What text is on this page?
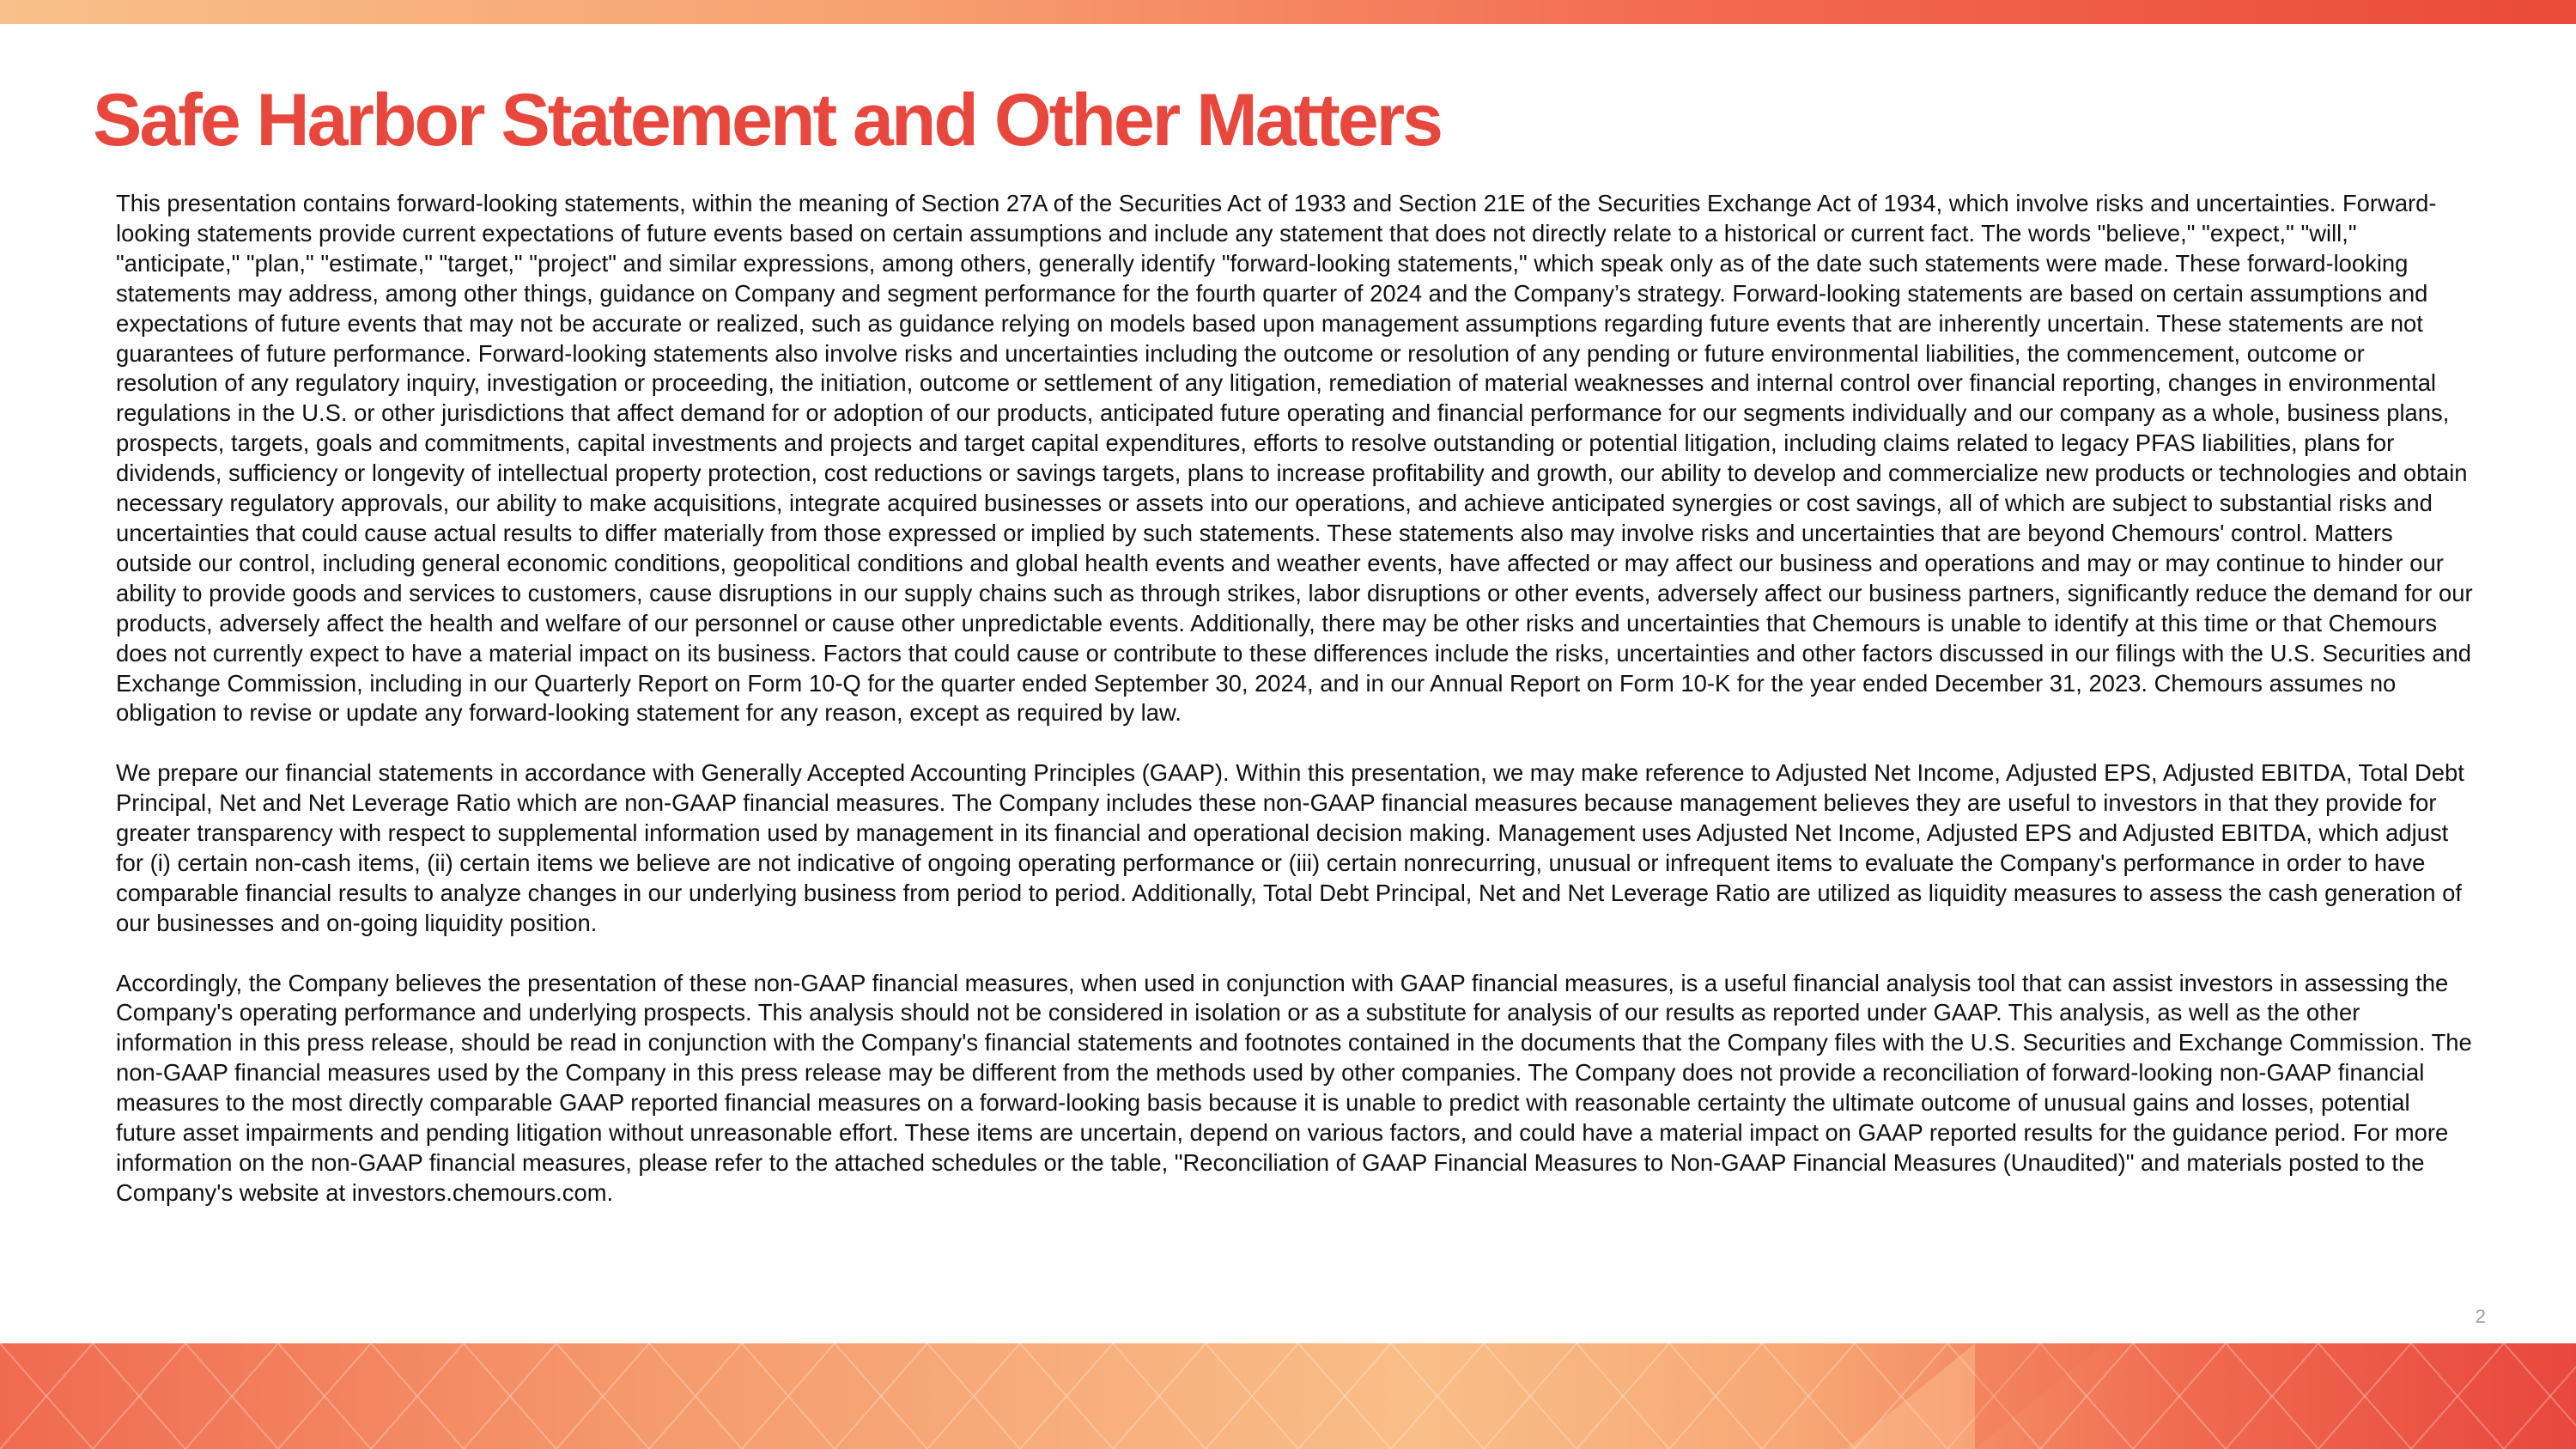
Safe Harbor Statement and Other Matters

This presentation contains forward-looking statements, within the meaning of Section 27A of the Securities Act of 1933 and Section 21E of the Securities Exchange Act of 1934, which involve risks and uncertainties. Forward-looking statements provide current expectations of future events based on certain assumptions and include any statement that does not directly relate to a historical or current fact. The words "believe," "expect," "will," "anticipate," "plan," "estimate," "target," "project" and similar expressions, among others, generally identify "forward-looking statements," which speak only as of the date such statements were made. These forward-looking statements may address, among other things, guidance on Company and segment performance for the fourth quarter of 2024 and the Company’s strategy. Forward-looking statements are based on certain assumptions and expectations of future events that may not be accurate or realized, such as guidance relying on models based upon management assumptions regarding future events that are inherently uncertain. These statements are not guarantees of future performance. Forward-looking statements also involve risks and uncertainties including the outcome or resolution of any pending or future environmental liabilities, the commencement, outcome or resolution of any regulatory inquiry, investigation or proceeding, the initiation, outcome or settlement of any litigation, remediation of material weaknesses and internal control over financial reporting, changes in environmental regulations in the U.S. or other jurisdictions that affect demand for or adoption of our products, anticipated future operating and financial performance for our segments individually and our company as a whole, business plans, prospects, targets, goals and commitments, capital investments and projects and target capital expenditures, efforts to resolve outstanding or potential litigation, including claims related to legacy PFAS liabilities, plans for dividends, sufficiency or longevity of intellectual property protection, cost reductions or savings targets, plans to increase profitability and growth, our ability to develop and commercialize new products or technologies and obtain necessary regulatory approvals, our ability to make acquisitions, integrate acquired businesses or assets into our operations, and achieve anticipated synergies or cost savings, all of which are subject to substantial risks and uncertainties that could cause actual results to differ materially from those expressed or implied by such statements. These statements also may involve risks and uncertainties that are beyond Chemours' control. Matters outside our control, including general economic conditions, geopolitical conditions and global health events and weather events, have affected or may affect our business and operations and may or may continue to hinder our ability to provide goods and services to customers, cause disruptions in our supply chains such as through strikes, labor disruptions or other events, adversely affect our business partners, significantly reduce the demand for our products, adversely affect the health and welfare of our personnel or cause other unpredictable events. Additionally, there may be other risks and uncertainties that Chemours is unable to identify at this time or that Chemours does not currently expect to have a material impact on its business. Factors that could cause or contribute to these differences include the risks, uncertainties and other factors discussed in our filings with the U.S. Securities and Exchange Commission, including in our Quarterly Report on Form 10-Q for the quarter ended September 30, 2024, and in our Annual Report on Form 10-K for the year ended December 31, 2023. Chemours assumes no obligation to revise or update any forward-looking statement for any reason, except as required by law.

We prepare our financial statements in accordance with Generally Accepted Accounting Principles (GAAP). Within this presentation, we may make reference to Adjusted Net Income, Adjusted EPS, Adjusted EBITDA, Total Debt Principal, Net and Net Leverage Ratio which are non-GAAP financial measures. The Company includes these non-GAAP financial measures because management believes they are useful to investors in that they provide for greater transparency with respect to supplemental information used by management in its financial and operational decision making. Management uses Adjusted Net Income, Adjusted EPS and Adjusted EBITDA, which adjust for (i) certain non-cash items, (ii) certain items we believe are not indicative of ongoing operating performance or (iii) certain nonrecurring, unusual or infrequent items to evaluate the Company's performance in order to have comparable financial results to analyze changes in our underlying business from period to period. Additionally, Total Debt Principal, Net and Net Leverage Ratio are utilized as liquidity measures to assess the cash generation of our businesses and on-going liquidity position.

Accordingly, the Company believes the presentation of these non-GAAP financial measures, when used in conjunction with GAAP financial measures, is a useful financial analysis tool that can assist investors in assessing the Company's operating performance and underlying prospects. This analysis should not be considered in isolation or as a substitute for analysis of our results as reported under GAAP. This analysis, as well as the other information in this press release, should be read in conjunction with the Company's financial statements and footnotes contained in the documents that the Company files with the U.S. Securities and Exchange Commission. The non-GAAP financial measures used by the Company in this press release may be different from the methods used by other companies. The Company does not provide a reconciliation of forward-looking non-GAAP financial measures to the most directly comparable GAAP reported financial measures on a forward-looking basis because it is unable to predict with reasonable certainty the ultimate outcome of unusual gains and losses, potential future asset impairments and pending litigation without unreasonable effort. These items are uncertain, depend on various factors, and could have a material impact on GAAP reported results for the guidance period. For more information on the non-GAAP financial measures, please refer to the attached schedules or the table, "Reconciliation of GAAP Financial Measures to Non-GAAP Financial Measures (Unaudited)" and materials posted to the Company's website at investors.chemours.com.

2
